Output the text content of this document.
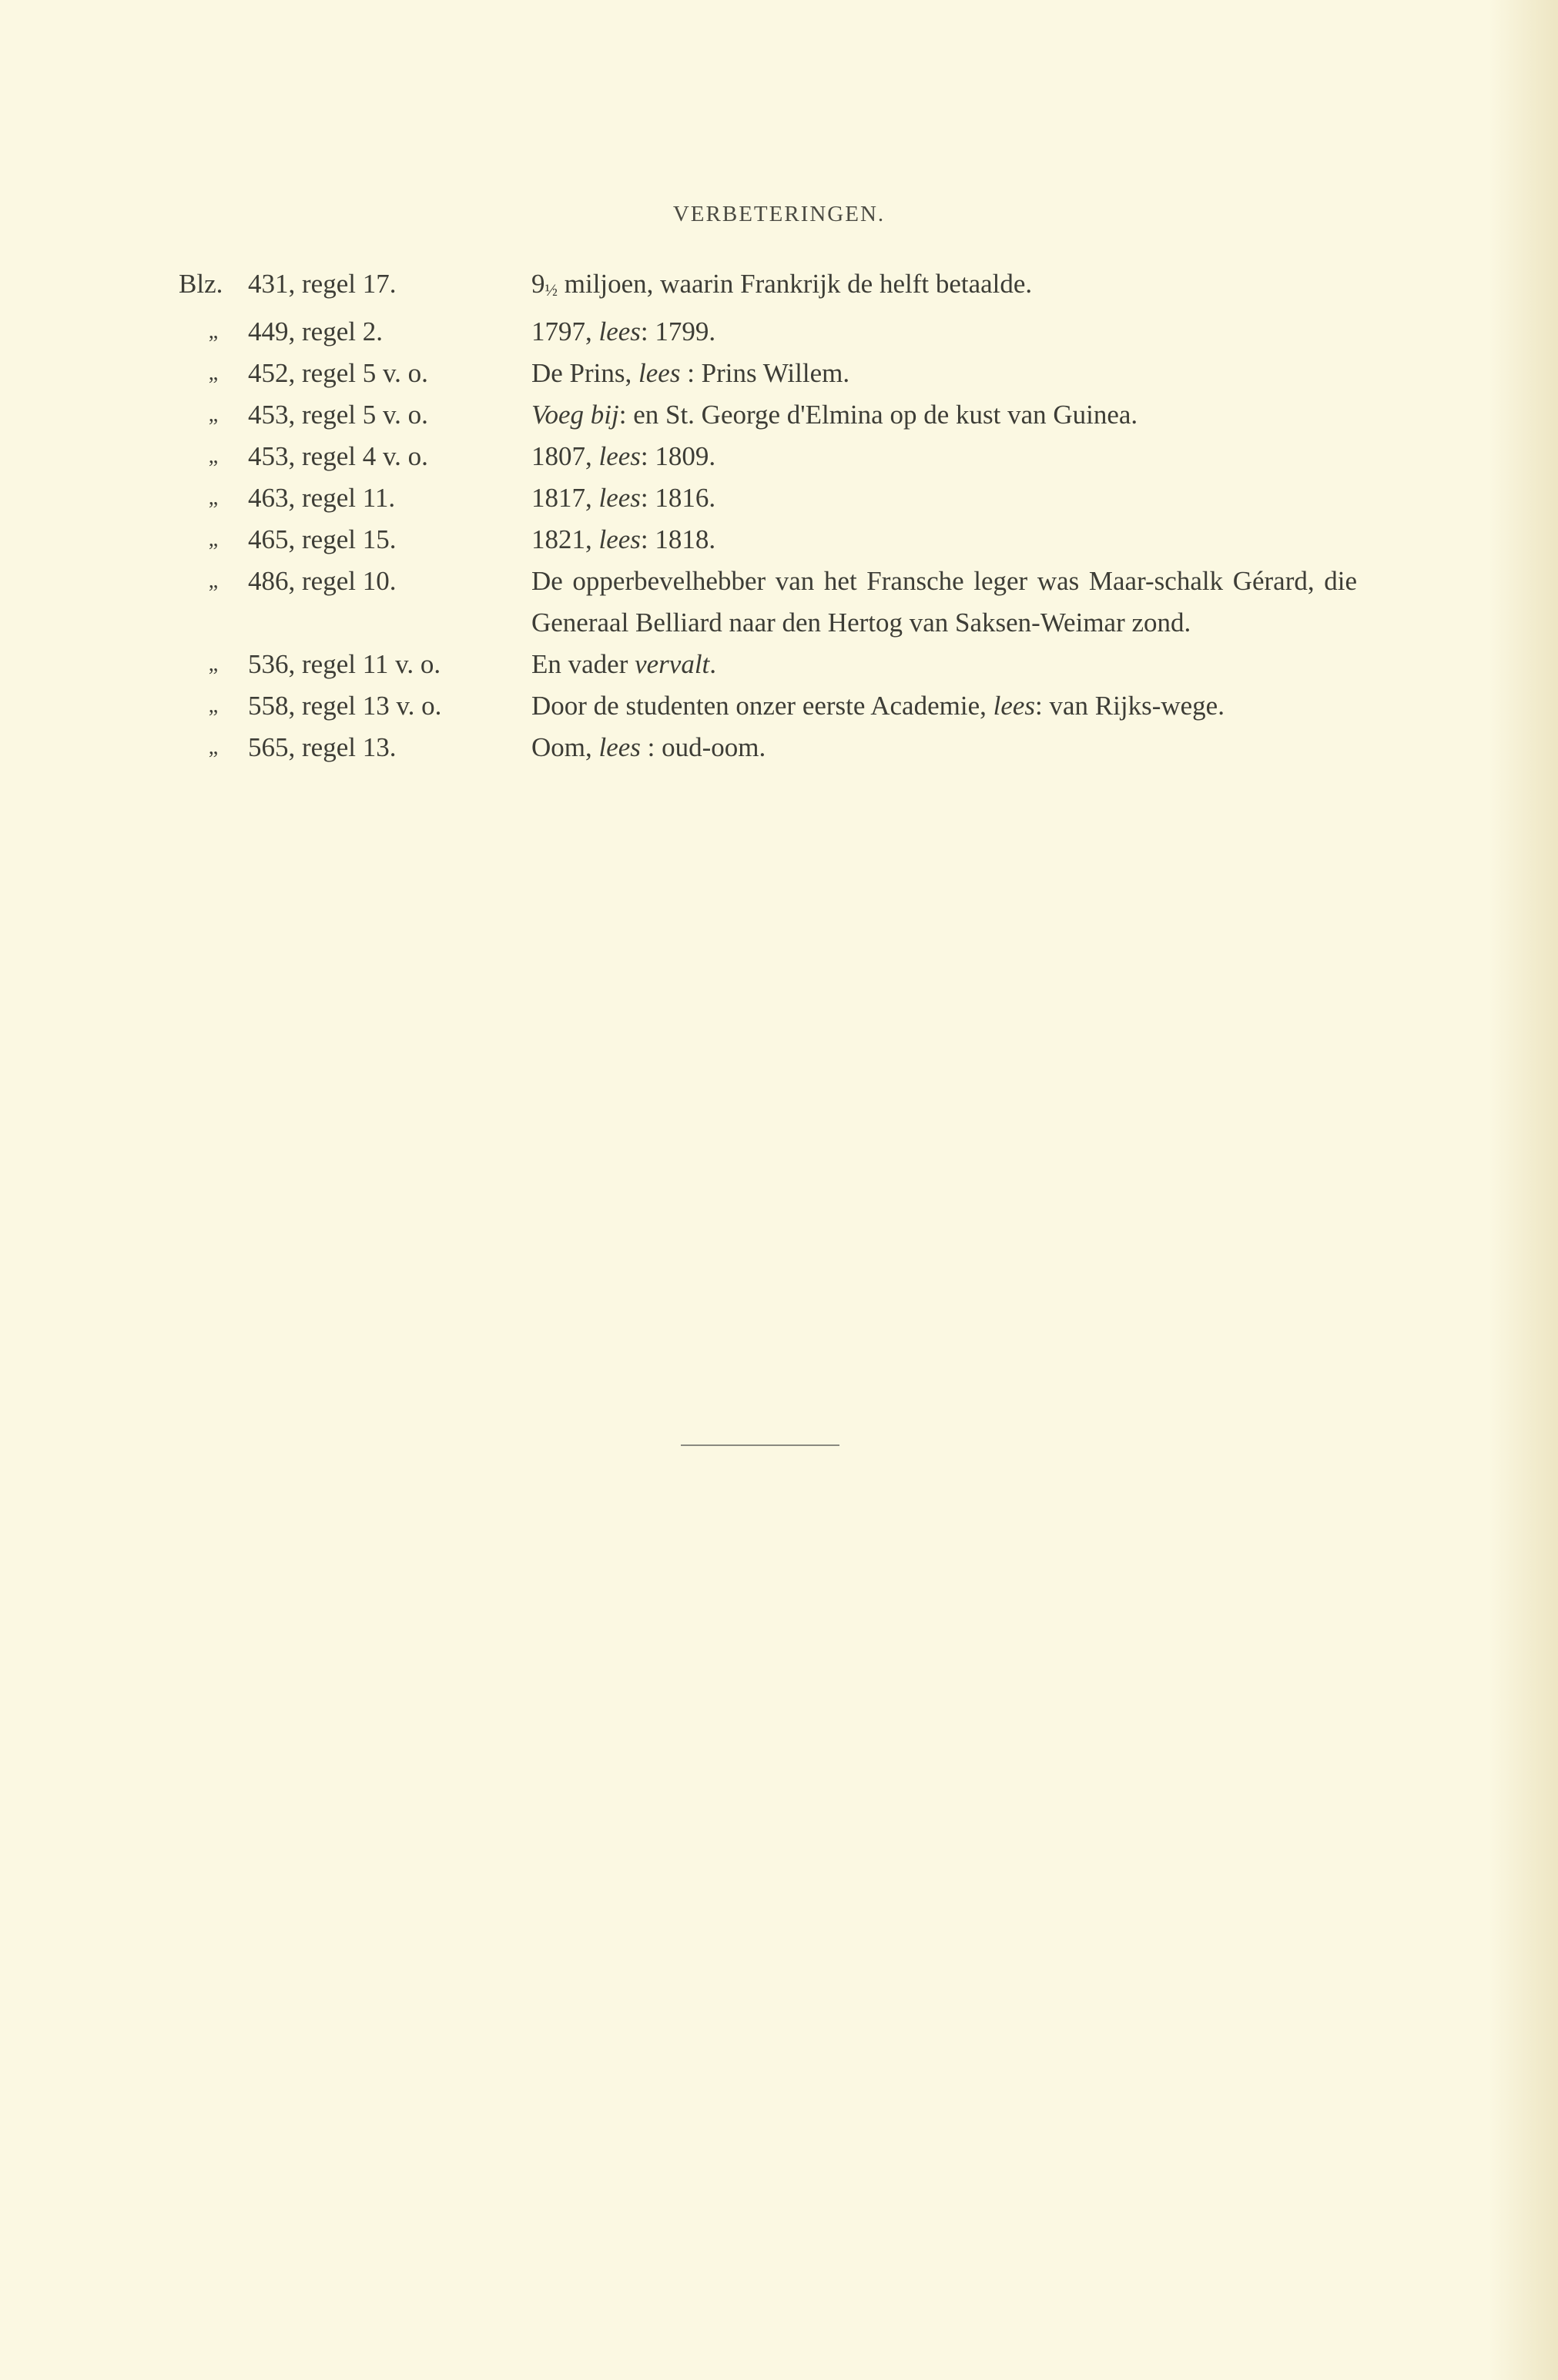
VERBETERINGEN.
Blz. 431, regel 17.	$9_{\frac{1}{2}}$ miljoen, waarin Frankrijk de helft betaalde.
„	449, regel 2.	1797, lees: 1799.
„	452, regel 5 v. o.	De Prins, lees : Prins Willem.
„	453, regel 5 v. o.	Voeg bij: en St. George d'Elmina op de kust van Guinea.
„	453, regel 4 v. o.	1807, lees: 1809.
„	463, regel 11.	1817, lees: 1816.
„	465, regel 15.	1821, lees: 1818.
„	486, regel 10.	De opperbevelhebber van het Fransche leger was Maar-schalk Gérard, die Generaal Belliard naar den Hertog van Saksen-Weimar zond.
„	536, regel 11 v. o.	En vader vervalt.
„	558, regel 13 v. o.	Door de studenten onzer eerste Academie, lees: van Rijks-wege.
„	565, regel 13.	Oom, lees : oud-oom.
